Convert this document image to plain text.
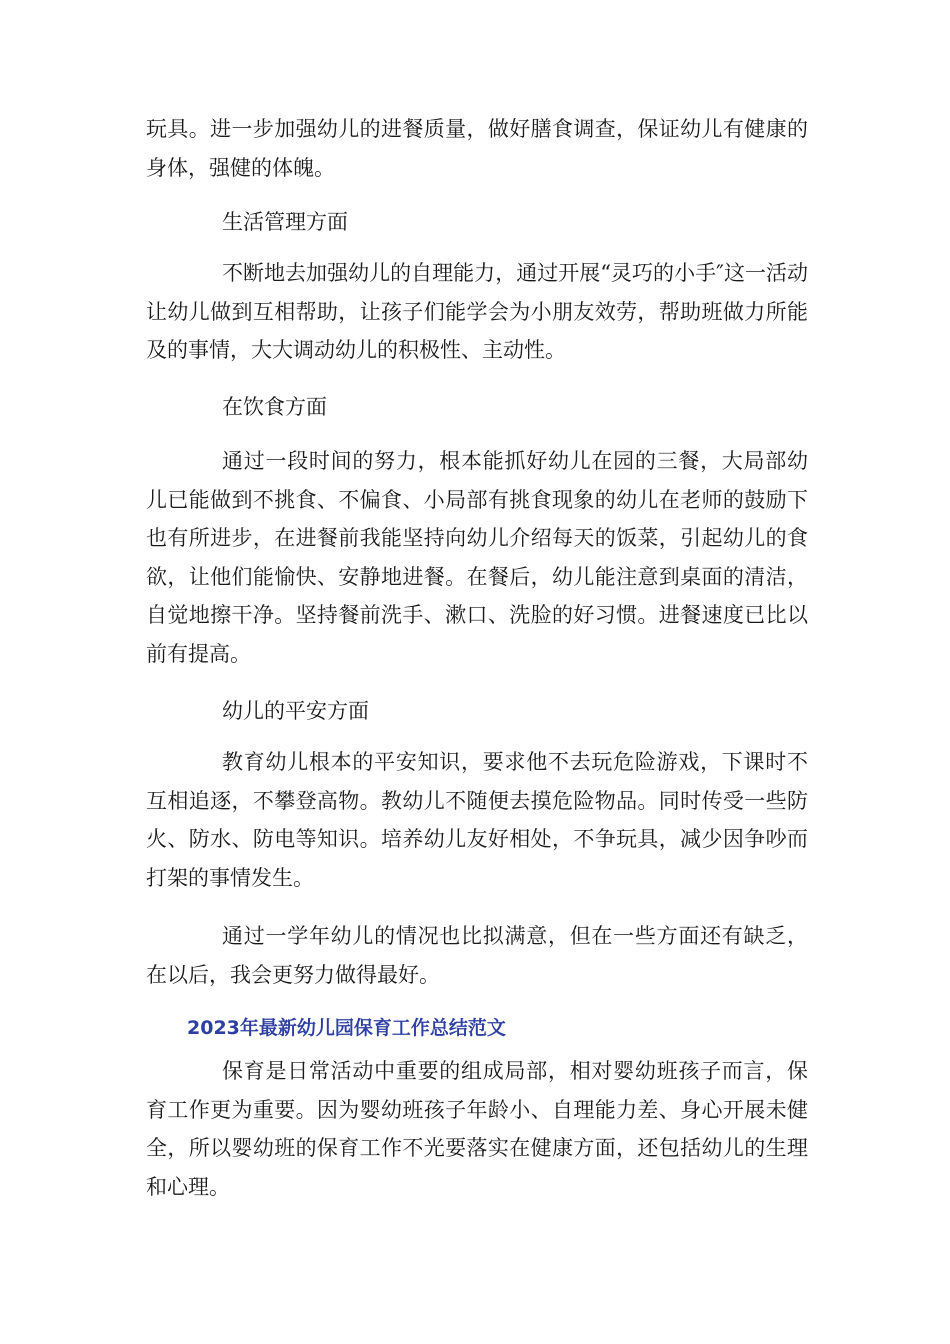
玩具。进一步加强幼儿的进餐质量，做好膳食调查，保证幼儿有健康的身体，强健的体魄。

生活管理方面

不断地去加强幼儿的自理能力，通过开展“灵巧的小手″这一活动让幼儿做到互相帮助，让孩子们能学会为小朋友效劳，帮助班做力所能及的事情，大大调动幼儿的积极性、主动性。

在饮食方面

通过一段时间的努力，根本能抓好幼儿在园的三餐，大局部幼儿已能做到不挑食、不偏食、小局部有挑食现象的幼儿在老师的鼓励下也有所进步，在进餐前我能坚持向幼儿介绍每天的饭菜，引起幼儿的食欲，让他们能愉快、安静地进餐。在餐后，幼儿能注意到桌面的清洁，自觉地擦干净。坚持餐前洗手、漱口、洗脸的好习惯。进餐速度已比以前有提高。

幼儿的平安方面

教育幼儿根本的平安知识，要求他不去玩危险游戏，下课时不互相追逐，不攀登高物。教幼儿不随便去摸危险物品。同时传受一些防火、防水、防电等知识。培养幼儿友好相处，不争玩具，减少因争吵而打架的事情发生。

通过一学年幼儿的情况也比拟满意，但在一些方面还有缺乏，在以后，我会更努力做得最好。

2023年最新幼儿园保育工作总结范文

保育是日常活动中重要的组成局部，相对婴幼班孩子而言，保育工作更为重要。因为婴幼班孩子年龄小、自理能力差、身心开展未健全，所以婴幼班的保育工作不光要落实在健康方面，还包括幼儿的生理和心理。
